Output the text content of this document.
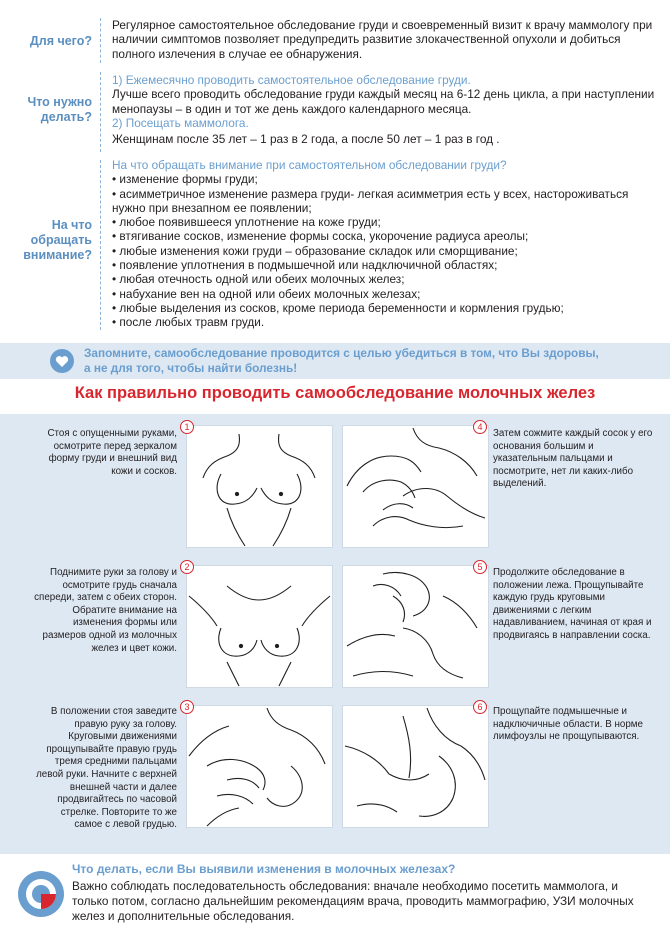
Для чего?
Регулярное самостоятельное обследование груди и своевременный визит к врачу маммологу при наличии симптомов позволяет предупредить развитие злокачественной опухоли и добиться полного излечения в случае ее обнаружения.
Что нужно
делать?
1) Ежемесячно проводить самостоятельное обследование груди.
Лучше всего проводить обследование груди каждый месяц на 6-12 день цикла, а при наступлении менопаузы – в один и тот же день каждого календарного месяца.
2) Посещать маммолога.
Женщинам после 35 лет – 1 раз в 2 года, а после 50 лет – 1 раз в год .
На что
обращать
внимание?
На что обращать внимание при самостоятельном обследовании груди?
• изменение формы груди;
• асимметричное изменение размера груди- легкая асимметрия есть у всех, настороживаться нужно при внезапном ее появлении;
• любое появившееся уплотнение на коже груди;
• втягивание сосков, изменение формы соска, укорочение радиуса ареолы;
• любые изменения кожи груди – образование складок или сморщивание;
• появление уплотнения в подмышечной или надключичной областях;
• любая отечность одной или обеих молочных желез;
• набухание вен на одной или обеих молочных железах;
• любые выделения из сосков, кроме периода беременности и кормления грудью;
• после любых травм груди.
Запомните, самообследование проводится с целью убедиться в том, что Вы здоровы,
а не для того, чтобы найти болезнь!
Как правильно проводить самообследование молочных желез
Стоя с опущенными руками, осмотрите перед зеркалом форму груди и внешний вид кожи и сосков.
1	4
Затем сожмите каждый сосок у его основания большим и указательным пальцами и посмотрите, нет ли каких-либо выделений.
Поднимите руки за голову и осмотрите грудь сначала спереди, затем с обеих сторон. Обратите внимание на изменения формы или размеров одной из молочных желез и цвет кожи.
2	5	Продолжите обследование в положении лежа. Прощупывайте каждую грудь круговыми движениями с легким надавливанием, начиная от края и продвигаясь в направлении соска.
В положении стоя заведите правую руку за голову. Круговыми движениями прощупывайте правую грудь тремя средними пальцами левой руки. Начните с верхней внешней части и далее продвигайтесь по часовой стрелке. Повторите то же самое с левой грудью.
3	6	Прощупайте подмышечные и надключичные области. В норме лимфоузлы не прощупываются.
Что делать, если Вы выявили изменения в молочных железах?
Важно соблюдать последовательность обследования: вначале необходимо посетить маммолога, и только потом, согласно дальнейшим рекомендациям врача, проводить маммографию, УЗИ молочных желез и дополнительные обследования.
